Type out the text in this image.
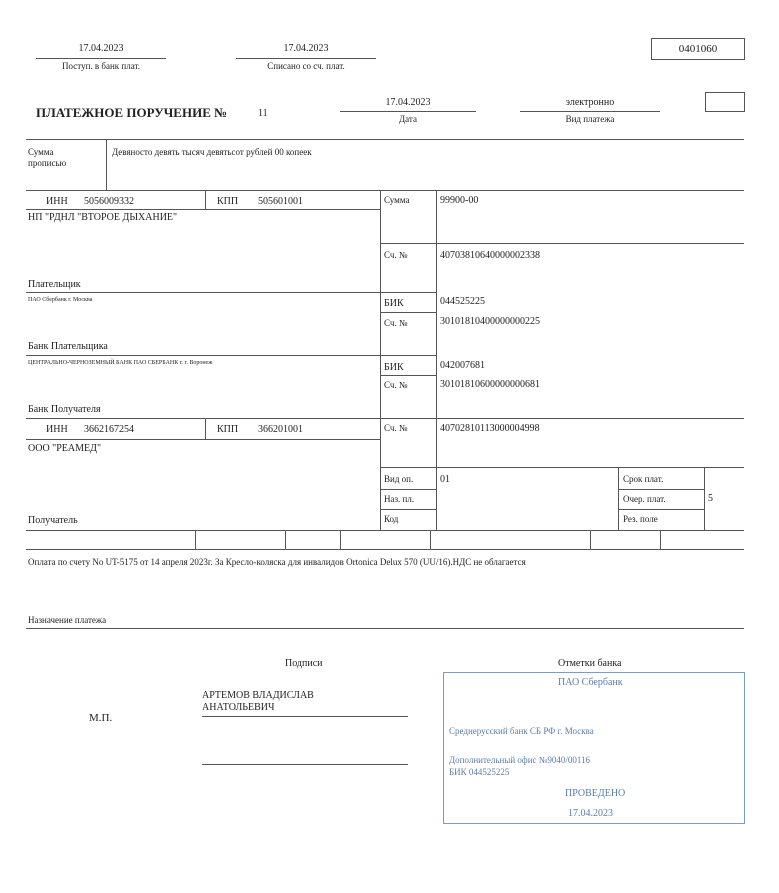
17.04.2023
Поступ. в банк плат.
17.04.2023
Списано со сч. плат.
0401060
ПЛАТЕЖНОЕ ПОРУЧЕНИЕ №	11
17.04.2023
Дата
электронно
Вид платежа
Сумма
прописью
Девяносто девять тысяч девятьсот рублей 00 копеек
ИНН 5056009332	КПП 505601001
НП "РДНЛ "ВТОРОЕ ДЫХАНИЕ"
Сумма	99900-00
Сч. №	40703810640000002338
Плательщик
ПАО Сбербанк г. Москва	БИК	044525225
Сч. №	30101810400000000225
Банк Плательщика
ЦЕНТРАЛЬНО-ЧЕРНОЗЕМНЫЙ БАНК ПАО СБЕРБАНК г. г. Воронеж	БИК	042007681
Сч. №	30101810600000000681
Банк Получателя
ИНН 3662167254	КПП 366201001
ООО "РЕАМЕД"
Сч. №	40702810113000004998
Вид оп.	01
Наз. пл.
Код
Срок плат.
Очер. плат.	5
Рез. поле
Получатель
Оплата по счету No UT-5175 от 14 апреля 2023г. За Кресло-коляска для инвалидов Ortonica Delux 570 (UU/16).НДС не облагается
Назначение платежа
Подписи
М.П.
АРТЕМОВ ВЛАДИСЛАВ
АНАТОЛЬЕВИЧ
Отметки банка
ПАО Сбербанк
Среднерусский банк СБ РФ г. Москва
Дополнительный офис №9040/00116
БИК 044525225
ПРОВЕДЕНО
17.04.2023
